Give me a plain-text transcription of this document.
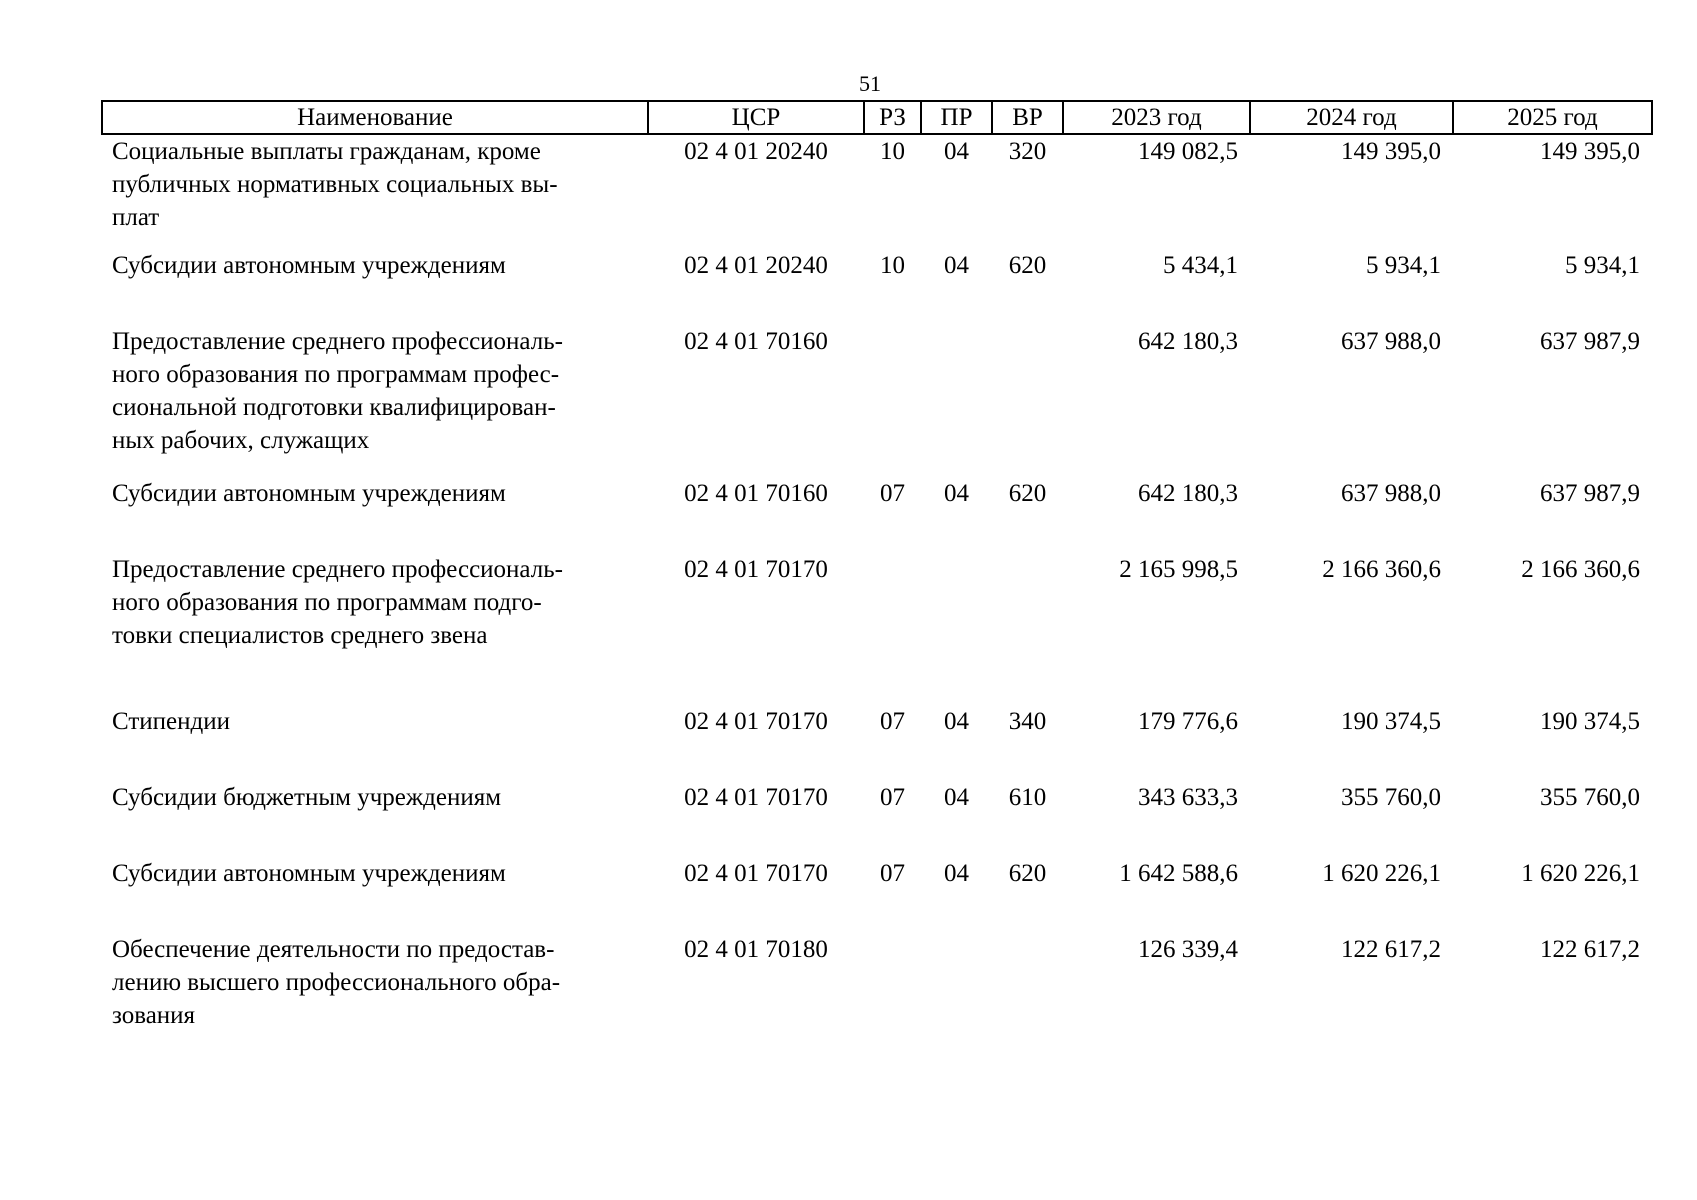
51
Наименование	ЦСР	РЗ	ПР	ВР	2023 год	2024 год	2025 год

Социальные выплаты гражданам, кроме
публичных нормативных социальных вы-
плат	02 4 01 20240	10	04	320	149 082,5	149 395,0	149 395,0

Субсидии автономным учреждениям	02 4 01 20240	10	04	620	5 434,1	5 934,1	5 934,1

Предоставление среднего профессиональ-
ного образования по программам профес-
сиональной подготовки квалифицирован-
ных рабочих, служащих	02 4 01 70160				642 180,3	637 988,0	637 987,9

Субсидии автономным учреждениям	02 4 01 70160	07	04	620	642 180,3	637 988,0	637 987,9

Предоставление среднего профессиональ-
ного образования по программам подго-
товки специалистов среднего звена	02 4 01 70170				2 165 998,5	2 166 360,6	2 166 360,6

Стипендии	02 4 01 70170	07	04	340	179 776,6	190 374,5	190 374,5

Субсидии бюджетным учреждениям	02 4 01 70170	07	04	610	343 633,3	355 760,0	355 760,0

Субсидии автономным учреждениям	02 4 01 70170	07	04	620	1 642 588,6	1 620 226,1	1 620 226,1

Обеспечение деятельности по предостав-
лению высшего профессионального обра-
зования	02 4 01 70180				126 339,4	122 617,2	122 617,2
